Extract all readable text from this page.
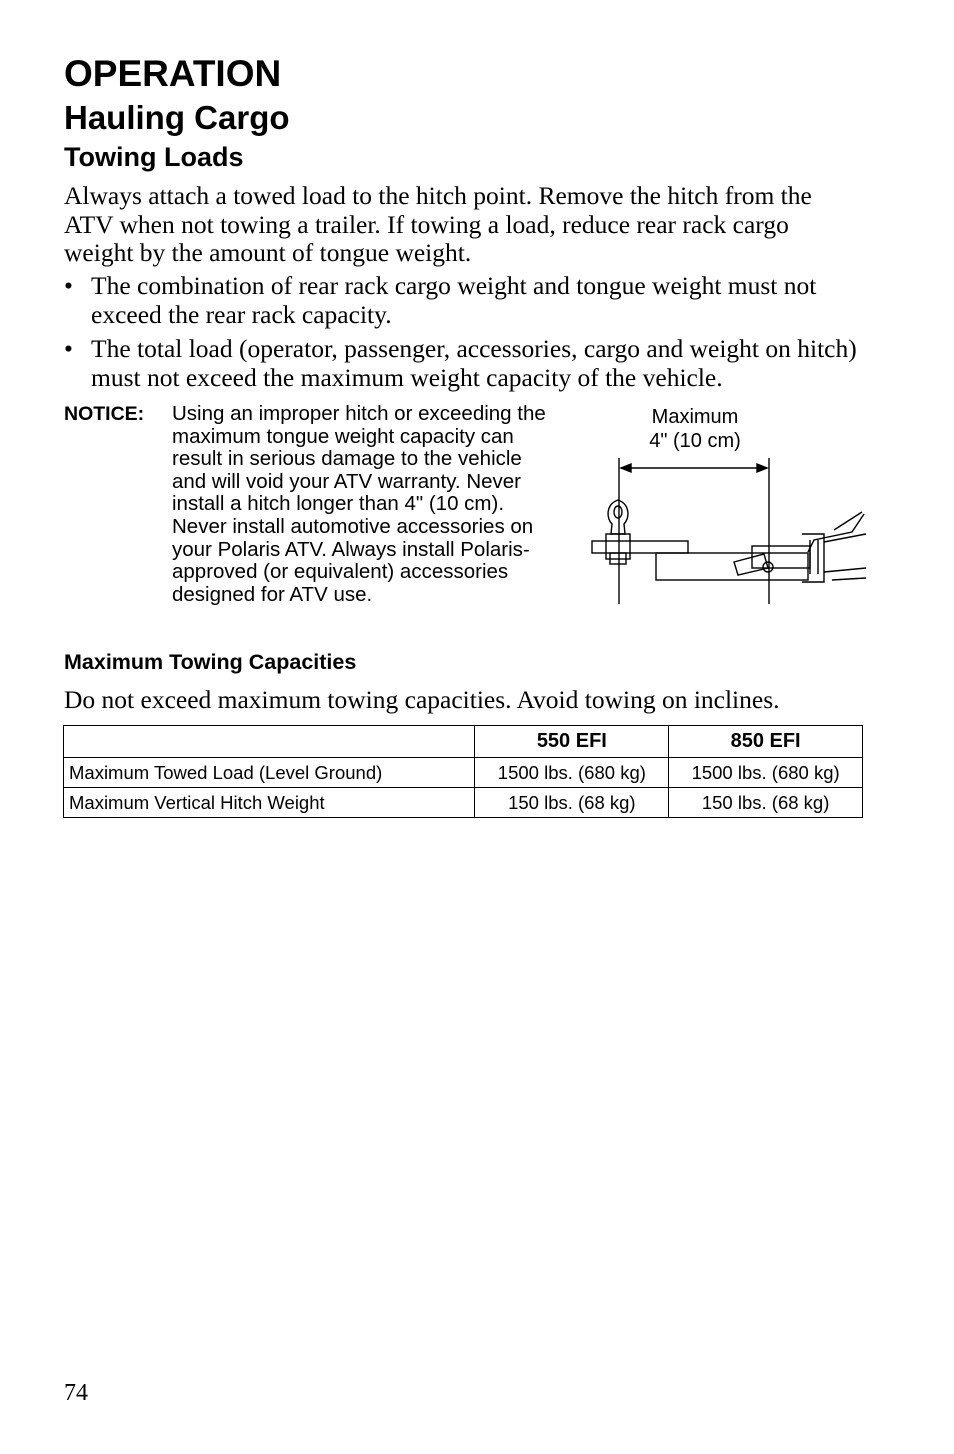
OPERATION
Hauling Cargo
Towing Loads

Always attach a towed load to the hitch point. Remove the hitch from the ATV when not towing a trailer. If towing a load, reduce rear rack cargo weight by the amount of tongue weight.

• The combination of rear rack cargo weight and tongue weight must not exceed the rear rack capacity.
• The total load (operator, passenger, accessories, cargo and weight on hitch) must not exceed the maximum weight capacity of the vehicle.
NOTICE: Using an improper hitch or exceeding the maximum tongue weight capacity can result in serious damage to the vehicle and will void your ATV warranty. Never install a hitch longer than 4" (10 cm). Never install automotive accessories on your Polaris ATV. Always install Polaris-approved (or equivalent) accessories designed for ATV use.
Maximum
4" (10 cm)
Maximum Towing Capacities

Do not exceed maximum towing capacities. Avoid towing on inclines.

	550 EFI	850 EFI
Maximum Towed Load (Level Ground)	1500 lbs. (680 kg)	1500 lbs. (680 kg)
Maximum Vertical Hitch Weight	150 lbs. (68 kg)	150 lbs. (68 kg)
74
